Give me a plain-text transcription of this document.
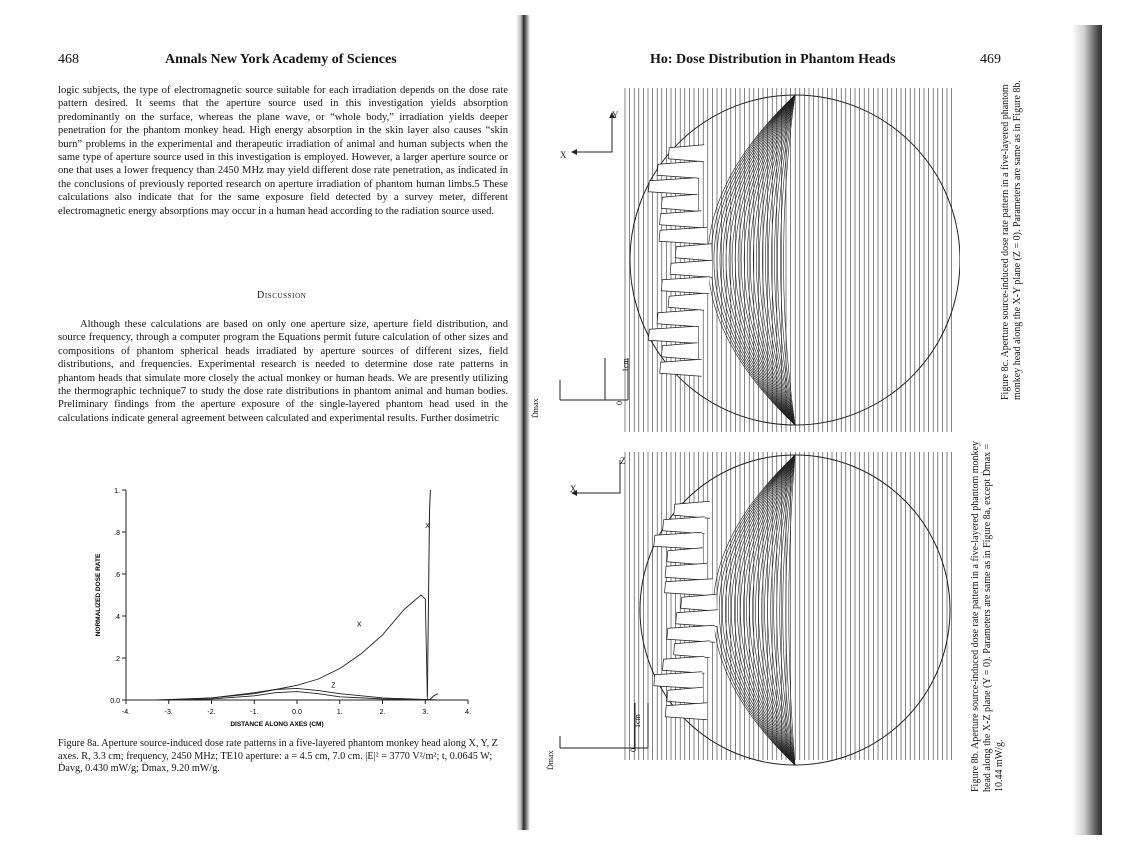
468	Annals New York Academy of Sciences
logic subjects, the type of electromagnetic source suitable for each irradiation depends on the dose rate pattern desired. It seems that the aperture source used in this investigation yields absorption predominantly on the surface, whereas the plane wave, or “whole body,” irradiation yields deeper penetration for the phantom monkey head. High energy absorption in the skin layer also causes “skin burn” problems in the experimental and therapeutic irradiation of animal and human subjects when the same type of aperture source used in this investigation is employed. However, a larger aperture source or one that uses a lower frequency than 2450 MHz may yield different dose rate penetration, as indicated in the conclusions of previously reported research on aperture irradiation of phantom human limbs.5 These calculations also indicate that for the same exposure field detected by a survey meter, different electromagnetic energy absorptions may occur in a human head according to the radiation source used.
Discussion
Although these calculations are based on only one aperture size, aperture field distribution, and source frequency, through a computer program the Equations permit future calculation of other sizes and compositions of phantom spherical heads irradiated by aperture sources of different sizes, field distributions, and frequencies. Experimental research is needed to determine dose rate patterns in phantom heads that simulate more closely the actual monkey or human heads. We are presently utilizing the thermographic technique7 to study the dose rate distributions in phantom animal and human bodies. Preliminary findings from the aperture exposure of the single-layered phantom head used in the calculations indicate general agreement between calculated and experimental results. Further dosimetric
-4.	-3.	-2.	-1.	0.0	1.	2.	3.	4.
0.0
.2
.4
.6
.8
1.
DISTANCE ALONG AXES (CM)
NORMALIZED DOSE RATE	X
Z
X
Figure 8a. Aperture source-induced dose rate patterns in a five-layered phantom monkey head along X, Y, Z axes. R, 3.3 cm; frequency, 2450 MHz; TE10 aperture: a = 4.5 cm, 7.0 cm. |E|² = 3770 V²/m²; t, 0.0645 W; Ḋavg, 0.430 mW/g; Ḋmax, 9.20 mW/g.
Ho: Dose Distribution in Phantom Heads	469
Y
X
1cm
0
Ḋmax
Z
X
1cm
0
Ḋmax
Figure 8c. Aperture source-induced dose rate pattern in a five-layered phantom monkey head along the X-Y plane (Z = 0). Parameters are same as in Figure 8b.
Figure 8b. Aperture source-induced dose rate pattern in a five-layered phantom monkey head along the X-Z plane (Y = 0). Parameters are same as in Figure 8a, except Ḋmax = 10.44 mW/g.
